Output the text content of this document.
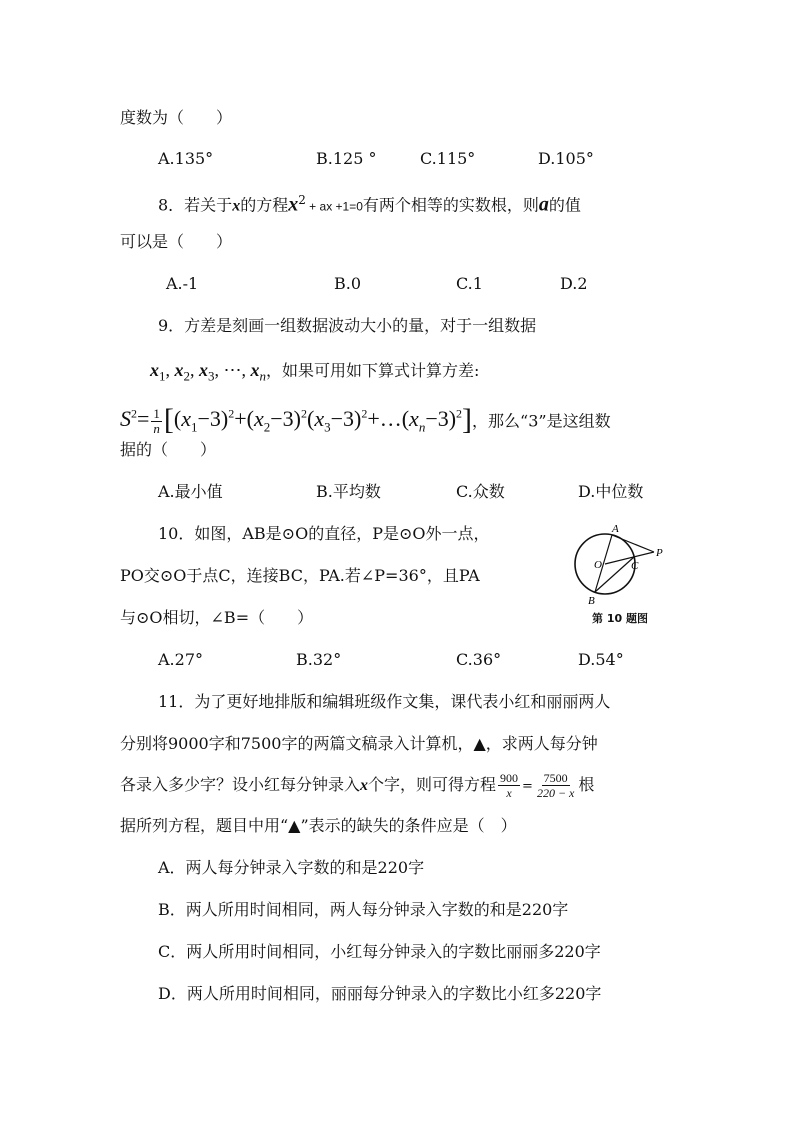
度数为（　　）
A.135°	B.125 °	C.115°	D.105°
8．若关于x的方程$x^2$ + ax +1=0有两个相等的实数根，则a的值
可以是（　　）
A.-1	B.0	C.1	D.2
9．方差是刻画一组数据波动大小的量，对于一组数据
$x_1$, $x_2$, $x_3$, ⋯, $x_n$，如果可用如下算式计算方差:
$S^2= \frac{1}{n}$ $[(x_1-3)^2+(x_2-3)^2(x_3-3)^2+\dots(x_n-3)^2]$，那么“3”是这组数
据的（　　）
A.最小值	B.平均数	C.众数	D.中位数
10．如图，AB是⊙O的直径，P是⊙O外一点，
PO交⊙O于点C，连接BC，PA.若∠P=36°，且PA
与⊙O相切，∠B=（　　）
A
B
O	C
P
第 10 题图
A.27°	B.32°	C.36°	D.54°
11．为了更好地排版和编辑班级作文集，课代表小红和丽丽两人
分别将9000字和7500字的两篇文稿录入计算机，▲，求两人每分钟
各录入多少字？设小红每分钟录入x个字，则可得方程 $\frac{900}{x} = \frac{7500}{220 - x}$ 根
据所列方程，题目中用“▲”表示的缺失的条件应是（　）
A．两人每分钟录入字数的和是220字
B．两人所用时间相同，两人每分钟录入字数的和是220字
C．两人所用时间相同，小红每分钟录入的字数比丽丽多220字
D．两人所用时间相同，丽丽每分钟录入的字数比小红多220字
